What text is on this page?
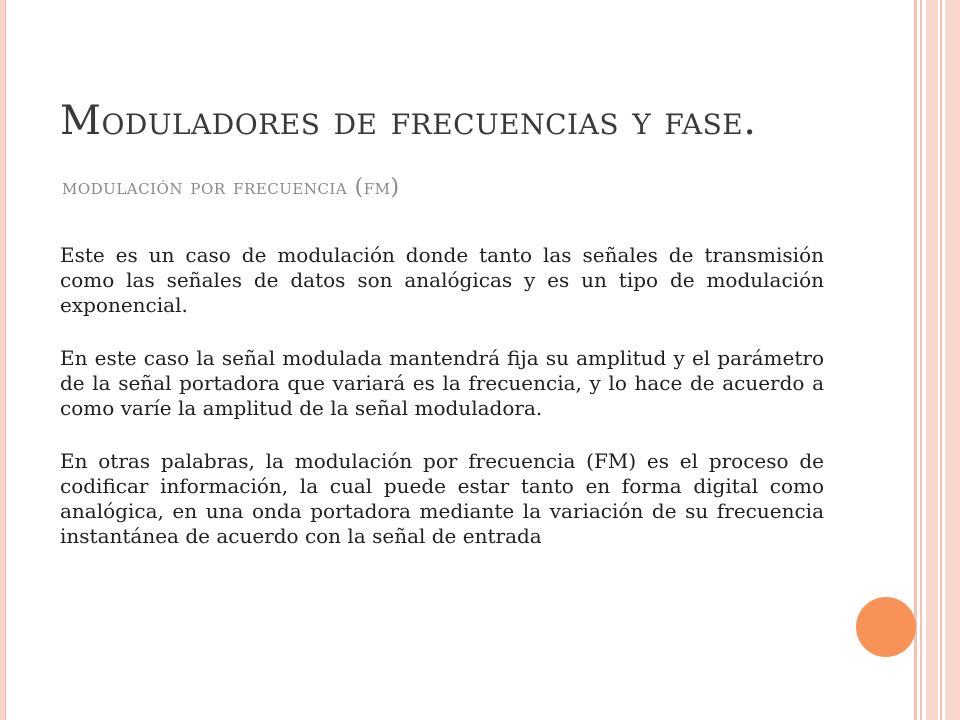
Moduladores de frecuencias y fase.
modulación por frecuencia (fm)

Este es un caso de modulación donde tanto las señales de transmisión como las señales de datos son analógicas y es un tipo de modulación exponencial.

En este caso la señal modulada mantendrá fija su amplitud y el parámetro de la señal portadora que variará es la frecuencia, y lo hace de acuerdo a como varíe la amplitud de la señal moduladora.

En otras palabras, la modulación por frecuencia (FM) es el proceso de codificar información, la cual puede estar tanto en forma digital como analógica, en una onda portadora mediante la variación de su frecuencia instantánea de acuerdo con la señal de entrada
